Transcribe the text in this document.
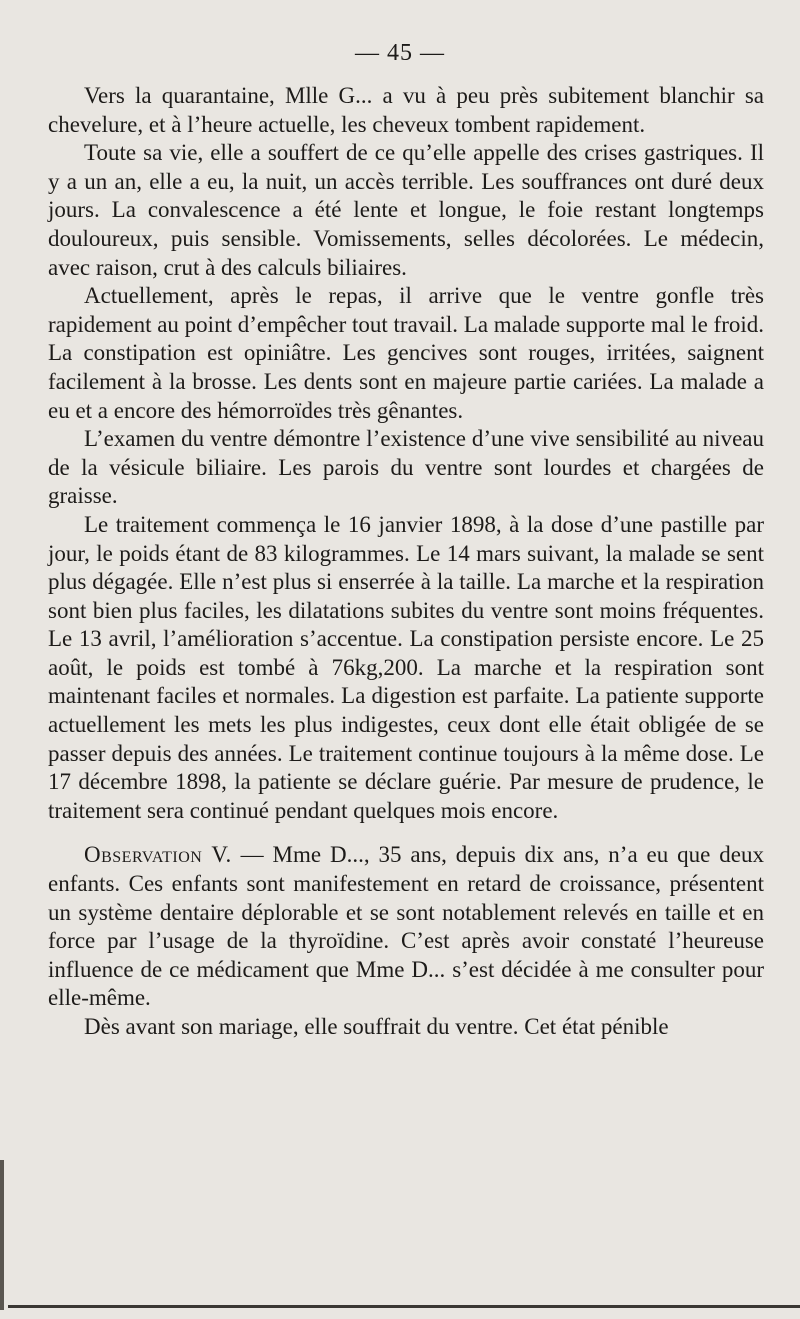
— 45 —

Vers la quarantaine, Mlle G... a vu à peu près subitement blanchir sa chevelure, et à l’heure actuelle, les cheveux tombent rapidement.

Toute sa vie, elle a souffert de ce qu’elle appelle des crises gastriques. Il y a un an, elle a eu, la nuit, un accès terrible. Les souffrances ont duré deux jours. La convalescence a été lente et longue, le foie restant longtemps douloureux, puis sensible. Vomissements, selles décolorées. Le médecin, avec raison, crut à des calculs biliaires.

Actuellement, après le repas, il arrive que le ventre gonfle très rapidement au point d’empêcher tout travail. La malade supporte mal le froid. La constipation est opiniâtre. Les gencives sont rouges, irritées, saignent facilement à la brosse. Les dents sont en majeure partie cariées. La malade a eu et a encore des hémorroïdes très gênantes.

L’examen du ventre démontre l’existence d’une vive sensibilité au niveau de la vésicule biliaire. Les parois du ventre sont lourdes et chargées de graisse.

Le traitement commença le 16 janvier 1898, à la dose d’une pastille par jour, le poids étant de 83 kilogrammes. Le 14 mars suivant, la malade se sent plus dégagée. Elle n’est plus si enserrée à la taille. La marche et la respiration sont bien plus faciles, les dilatations subites du ventre sont moins fréquentes. Le 13 avril, l’amélioration s’accentue. La constipation persiste encore. Le 25 août, le poids est tombé à 76kg,200. La marche et la respiration sont maintenant faciles et normales. La digestion est parfaite. La patiente supporte actuellement les mets les plus indigestes, ceux dont elle était obligée de se passer depuis des années. Le traitement continue toujours à la même dose. Le 17 décembre 1898, la patiente se déclare guérie. Par mesure de prudence, le traitement sera continué pendant quelques mois encore.

Observation V. — Mme D..., 35 ans, depuis dix ans, n’a eu que deux enfants. Ces enfants sont manifestement en retard de croissance, présentent un système dentaire déplorable et se sont notablement relevés en taille et en force par l’usage de la thyroïdine. C’est après avoir constaté l’heureuse influence de ce médicament que Mme D... s’est décidée à me consulter pour elle-même.

Dès avant son mariage, elle souffrait du ventre. Cet état pénible
